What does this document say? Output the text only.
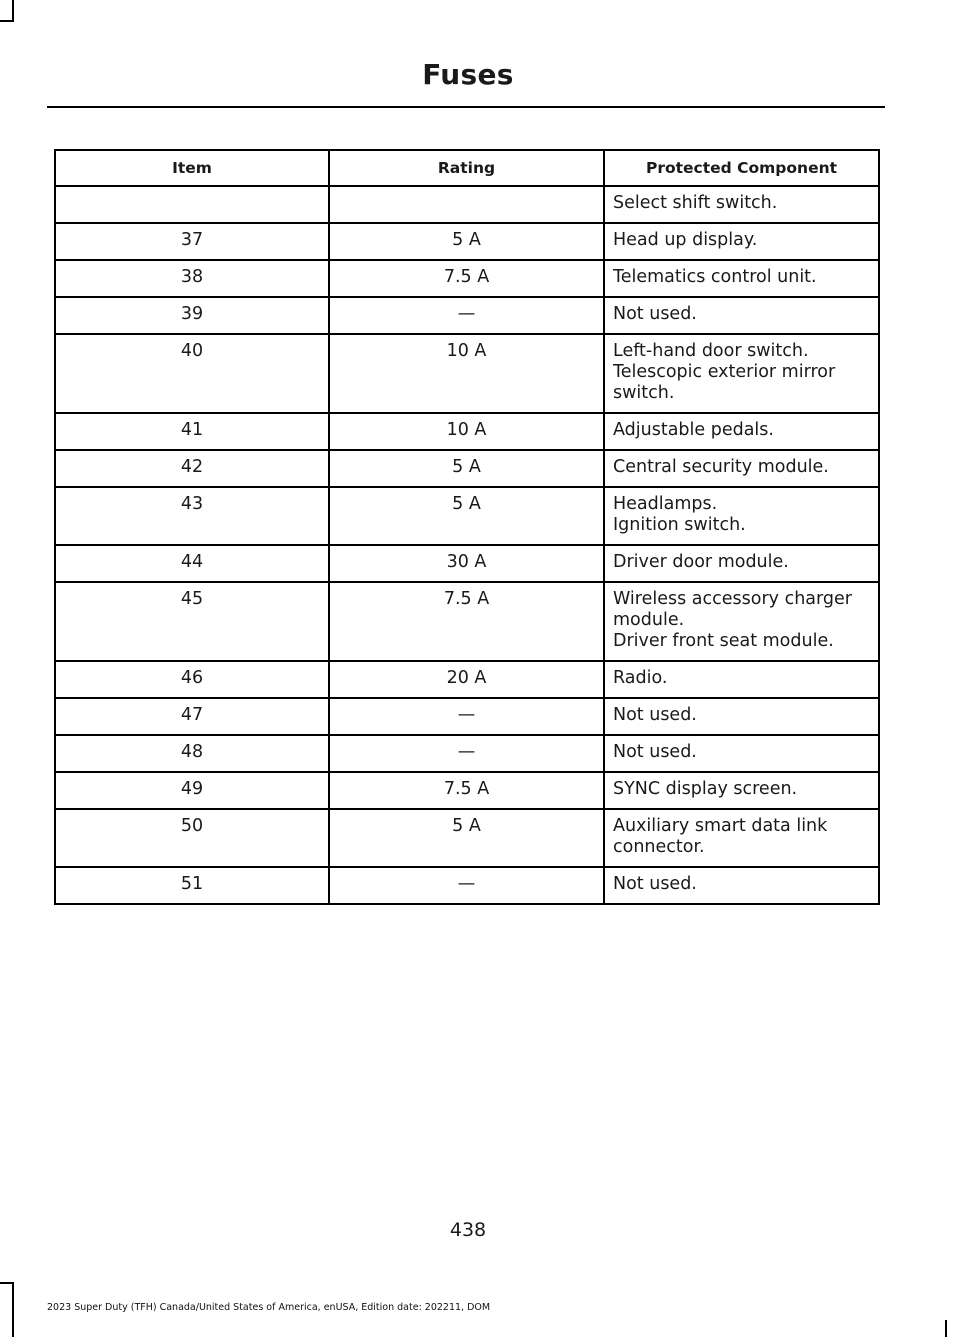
Fuses
Item	Rating	Protected Component

		Select shift switch.

37	5 A	Head up display.

38	7.5 A	Telematics control unit.

39	—	Not used.

40	10 A	Left-hand door switch.
Telescopic exterior mirror switch.

41	10 A	Adjustable pedals.

42	5 A	Central security module.

43	5 A	Headlamps.
Ignition switch.

44	30 A	Driver door module.

45	7.5 A	Wireless accessory charger module.
Driver front seat module.

46	20 A	Radio.

47	—	Not used.

48	—	Not used.

49	7.5 A	SYNC display screen.

50	5 A	Auxiliary smart data link connector.

51	—	Not used.
438
2023 Super Duty (TFH) Canada/United States of America, enUSA, Edition date: 202211, DOM
